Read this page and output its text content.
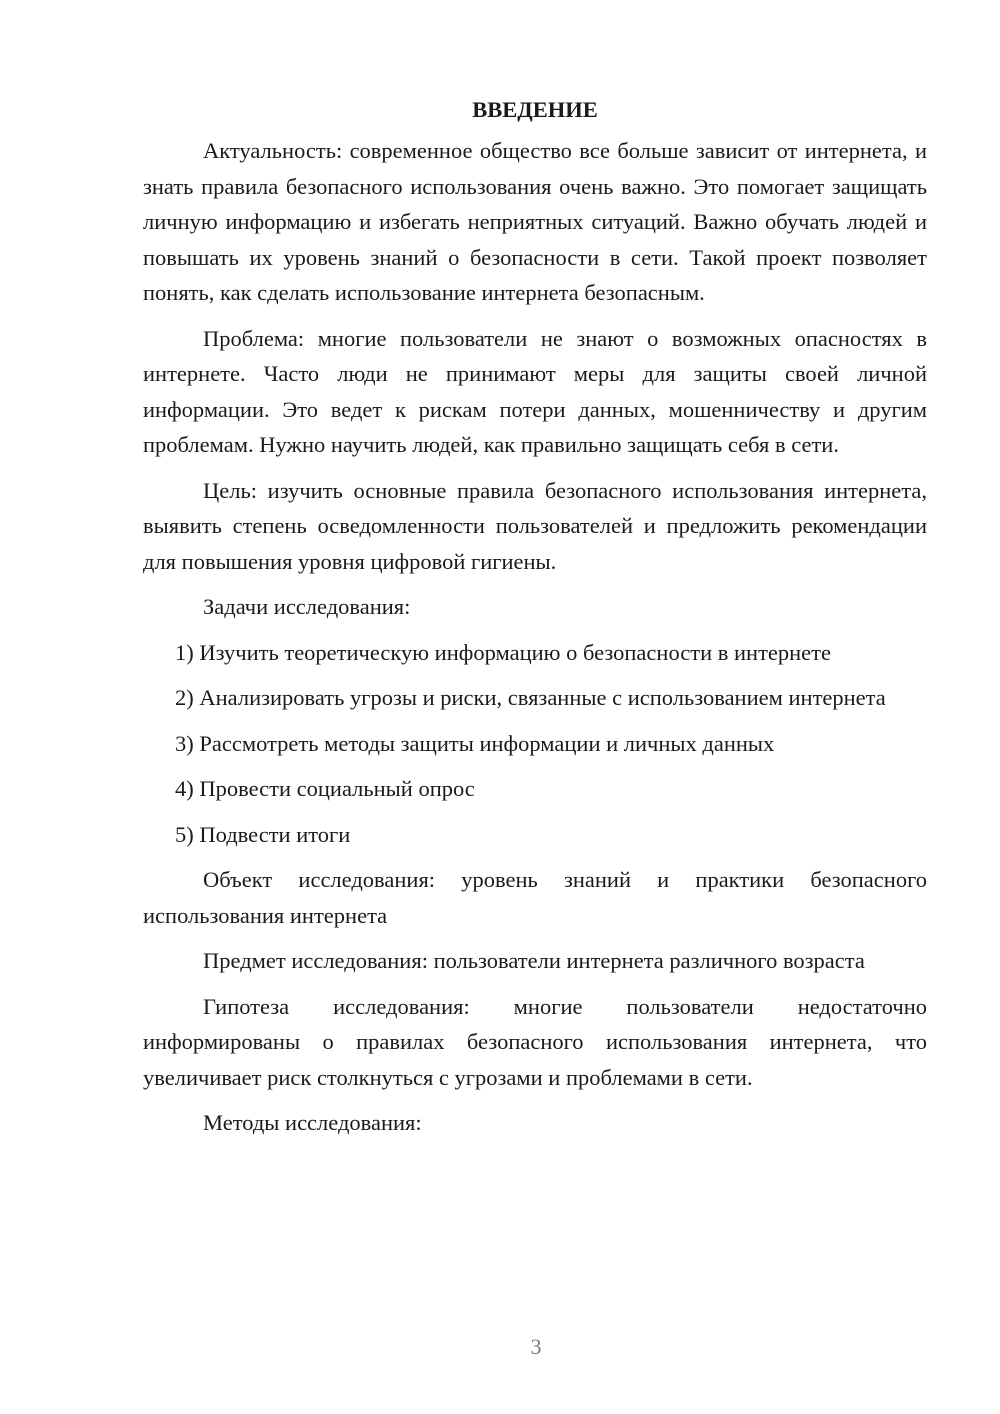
ВВЕДЕНИЕ
Актуальность: современное общество все больше зависит от интернета, и знать правила безопасного использования очень важно. Это помогает защищать личную информацию и избегать неприятных ситуаций. Важно обучать людей и повышать их уровень знаний о безопасности в сети. Такой проект позволяет понять, как сделать использование интернета безопасным.
Проблема: многие пользователи не знают о возможных опасностях в интернете. Часто люди не принимают меры для защиты своей личной информации. Это ведет к рискам потери данных, мошенничеству и другим проблемам. Нужно научить людей, как правильно защищать себя в сети.
Цель: изучить основные правила безопасного использования интернета, выявить степень осведомленности пользователей и предложить рекомендации для повышения уровня цифровой гигиены.
Задачи исследования:
1) Изучить теоретическую информацию о безопасности в интернете
2) Анализировать угрозы и риски, связанные с использованием интернета
3) Рассмотреть методы защиты информации и личных данных
4) Провести социальный опрос
5) Подвести итоги
Объект исследования: уровень знаний и практики безопасного использования интернета
Предмет исследования: пользователи интернета различного возраста
Гипотеза исследования: многие пользователи недостаточно информированы о правилах безопасного использования интернета, что увеличивает риск столкнуться с угрозами и проблемами в сети.
Методы исследования:
3
